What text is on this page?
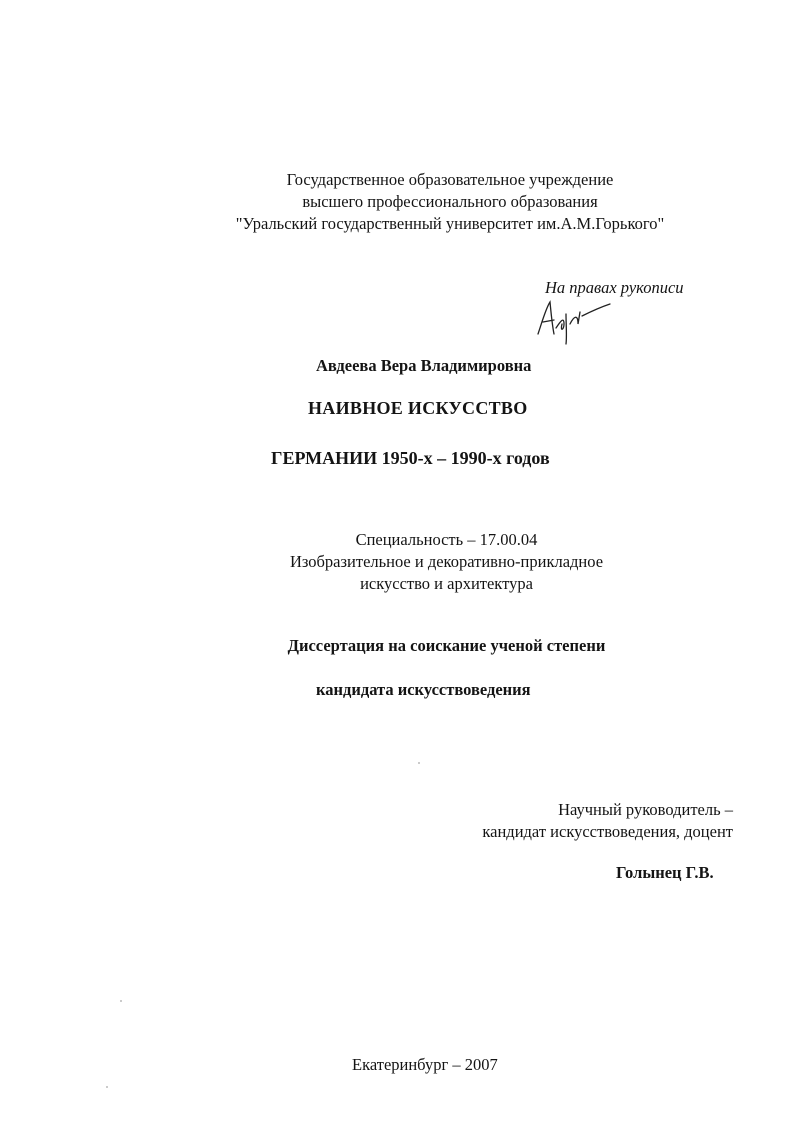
Государственное образовательное учреждение
высшего профессионального образования
"Уральский государственный университет им.А.М.Горького"
На правах рукописи
Авдеева Вера Владимировна
НАИВНОЕ ИСКУССТВО
ГЕРМАНИИ 1950-х – 1990-х годов
Специальность – 17.00.04
Изобразительное и декоративно-прикладное
искусство и архитектура
Диссертация на соискание ученой степени
кандидата искусствоведения
Научный руководитель –
кандидат искусствоведения, доцент
Голынец Г.В.
Екатеринбург – 2007
